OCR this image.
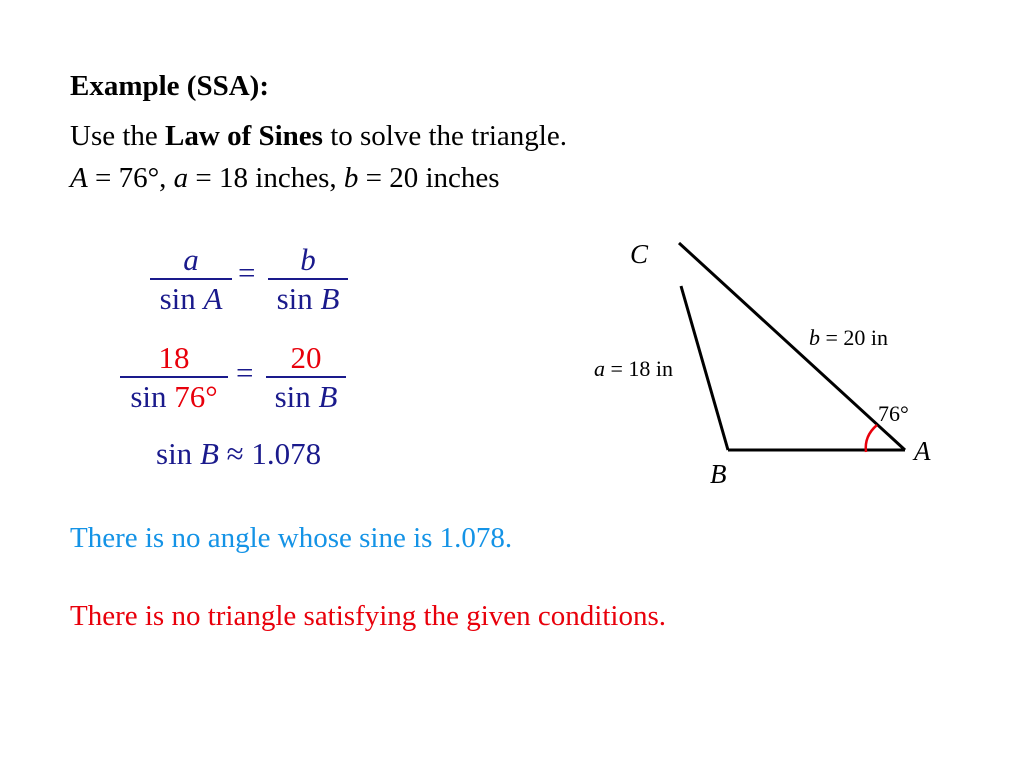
Example (SSA):
Use the Law of Sines to solve the triangle.
A = 76°, a = 18 inches, b = 20 inches
a
sin A
=	b
sin B
18
sin 76°
=	20
sin B
sin B ≈ 1.078
There is no angle whose sine is 1.078.
There is no triangle satisfying the given conditions.
C
B
A
b = 20 in
a = 18 in
76°
